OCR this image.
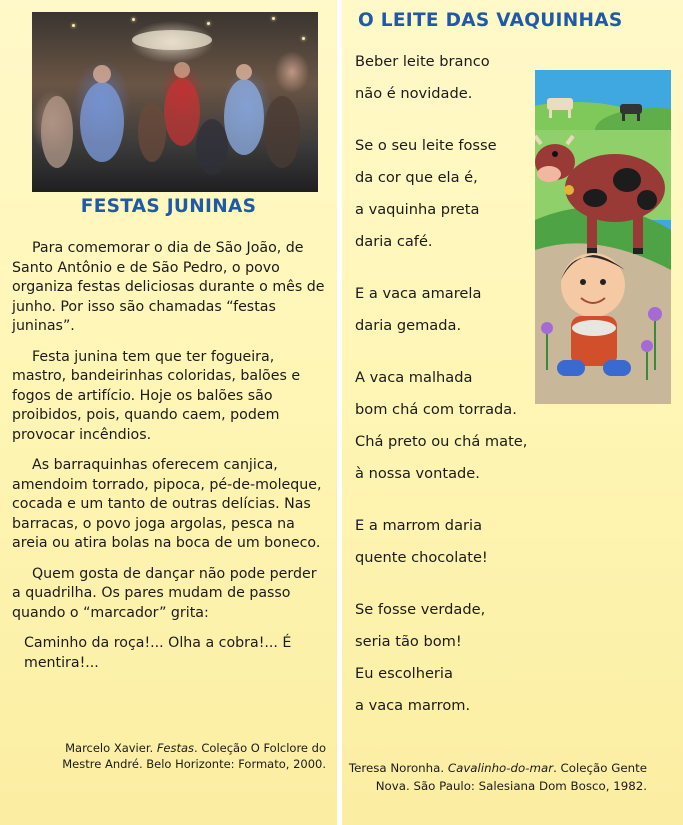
FESTAS JUNINAS

Para comemorar o dia de São João, de Santo Antônio e de São Pedro, o povo organiza festas deliciosas durante o mês de junho. Por isso são chamadas “festas juninas”.

Festa junina tem que ter fogueira, mastro, bandeirinhas coloridas, balões e fogos de artifício. Hoje os balões são proibidos, pois, quando caem, podem provocar incêndios.

As barraquinhas oferecem canjica, amendoim torrado, pipoca, pé-de-moleque, cocada e um tanto de outras delícias. Nas barracas, o povo joga argolas, pesca na areia ou atira bolas na boca de um boneco.

Quem gosta de dançar não pode perder a quadrilha. Os pares mudam de passo quando o “marcador” grita:

Caminho da roça!... Olha a cobra!... É mentira!...

Marcelo Xavier. Festas. Coleção O Folclore do Mestre André. Belo Horizonte: Formato, 2000.
O LEITE DAS VAQUINHAS
Beber leite branco
não é novidade.
Se o seu leite fosse
da cor que ela é,
a vaquinha preta
daria café.
E a vaca amarela
daria gemada.
A vaca malhada
bom chá com torrada.
Chá preto ou chá mate,
à nossa vontade.
E a marrom daria
quente chocolate!
Se fosse verdade,
seria tão bom!
Eu escolheria
a vaca marrom.
Teresa Noronha. Cavalinho-do-mar. Coleção Gente Nova. São Paulo: Salesiana Dom Bosco, 1982.
